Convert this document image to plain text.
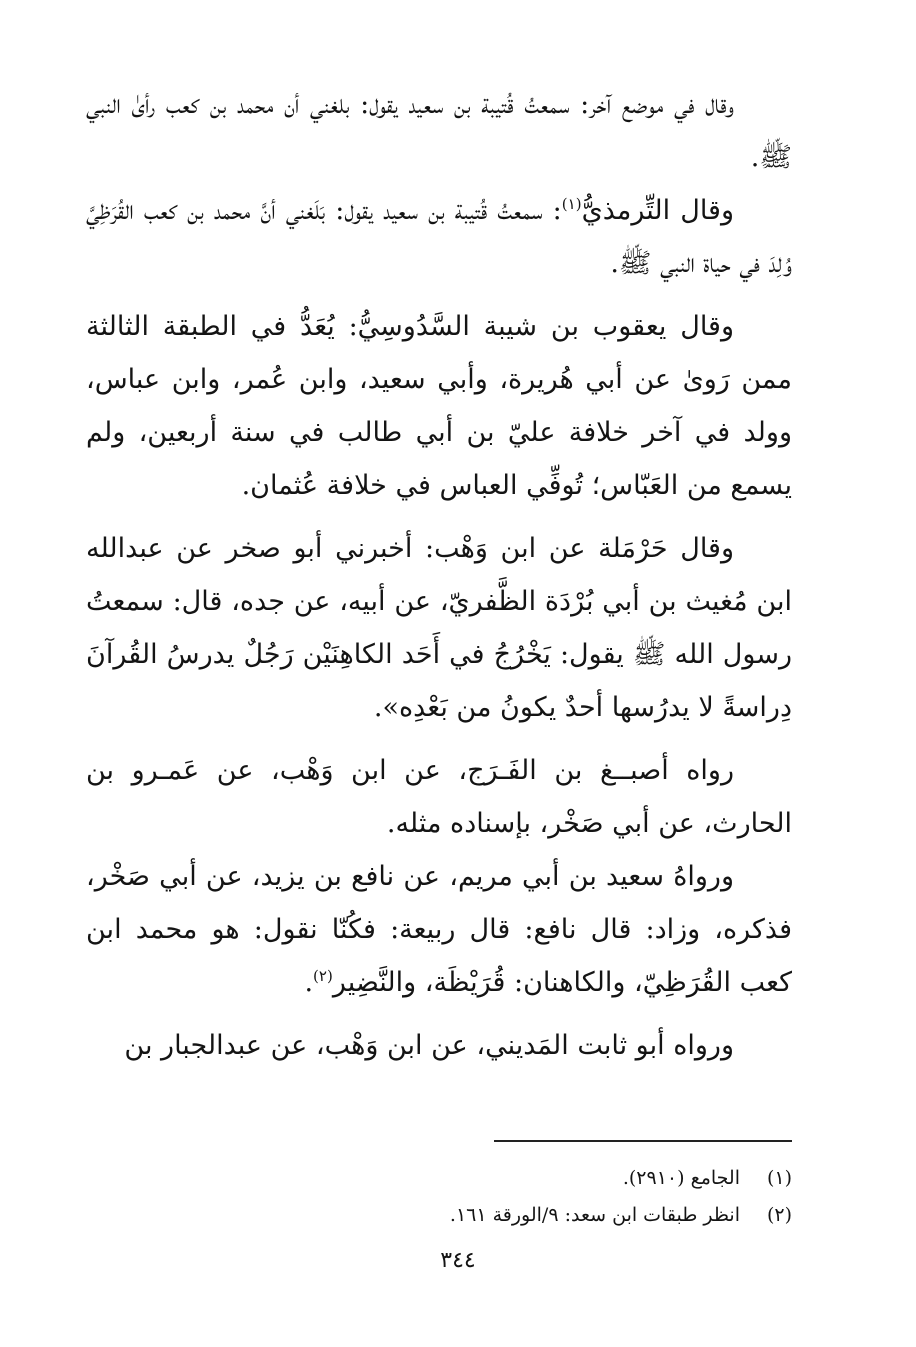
وقال في موضع آخر: سمعتُ قُتيبة بن سعيد يقول: بلغني أن محمد بن كعب رأىٰ النبي ﷺ.

وقال التِّرمذيُّ$^{(١)}$: سمعتُ قُتيبة بن سعيد يقول: بَلَغني أنَّ محمد بن كعب القُرَظِيَّ وُلِدَ في حياة النبي ﷺ.

وقال يعقوب بن شيبة السَّدُوسِيُّ: يُعَدُّ في الطبقة الثالثة ممن رَوىٰ عن أبي هُريرة، وأبي سعيد، وابن عُمر، وابن عباس، وولد في آخر خلافة عليّ بن أبي طالب في سنة أربعين، ولم يسمع من العَبّاس؛ تُوفِّي العباس في خلافة عُثمان.

وقال حَرْمَلة عن ابن وَهْب: أخبرني أبو صخر عن عبدالله ابن مُغيث بن أبي بُرْدَة الظَّفريّ، عن أبيه، عن جده، قال: سمعتُ رسول الله ﷺ يقول: يَخْرُجُ في أَحَد الكاهِنَيْن رَجُلٌ يدرسُ القُرآنَ دِراسةً لا يدرُسها أحدٌ يكونُ من بَعْدِه».

رواه أصبــغ بن الفَـرَج، عن ابن وَهْب، عن عَمـرو بن الحارث، عن أبي صَخْر، بإسناده مثله.

ورواهُ سعيد بن أبي مريم، عن نافع بن يزيد، عن أبي صَخْر، فذكره، وزاد: قال نافع: قال ربيعة: فكُنّا نقول: هو محمد ابن كعب القُرَظِيّ، والكاهنان: قُرَيْظَة، والنَّضِير$^{(٢)}$.

ورواه أبو ثابت المَديني، عن ابن وَهْب، عن عبدالجبار بن

(١)
الجامع (٢٩١٠).
(٢)
انظر طبقات ابن سعد: ٩/الورقة ١٦١.
٣٤٤
